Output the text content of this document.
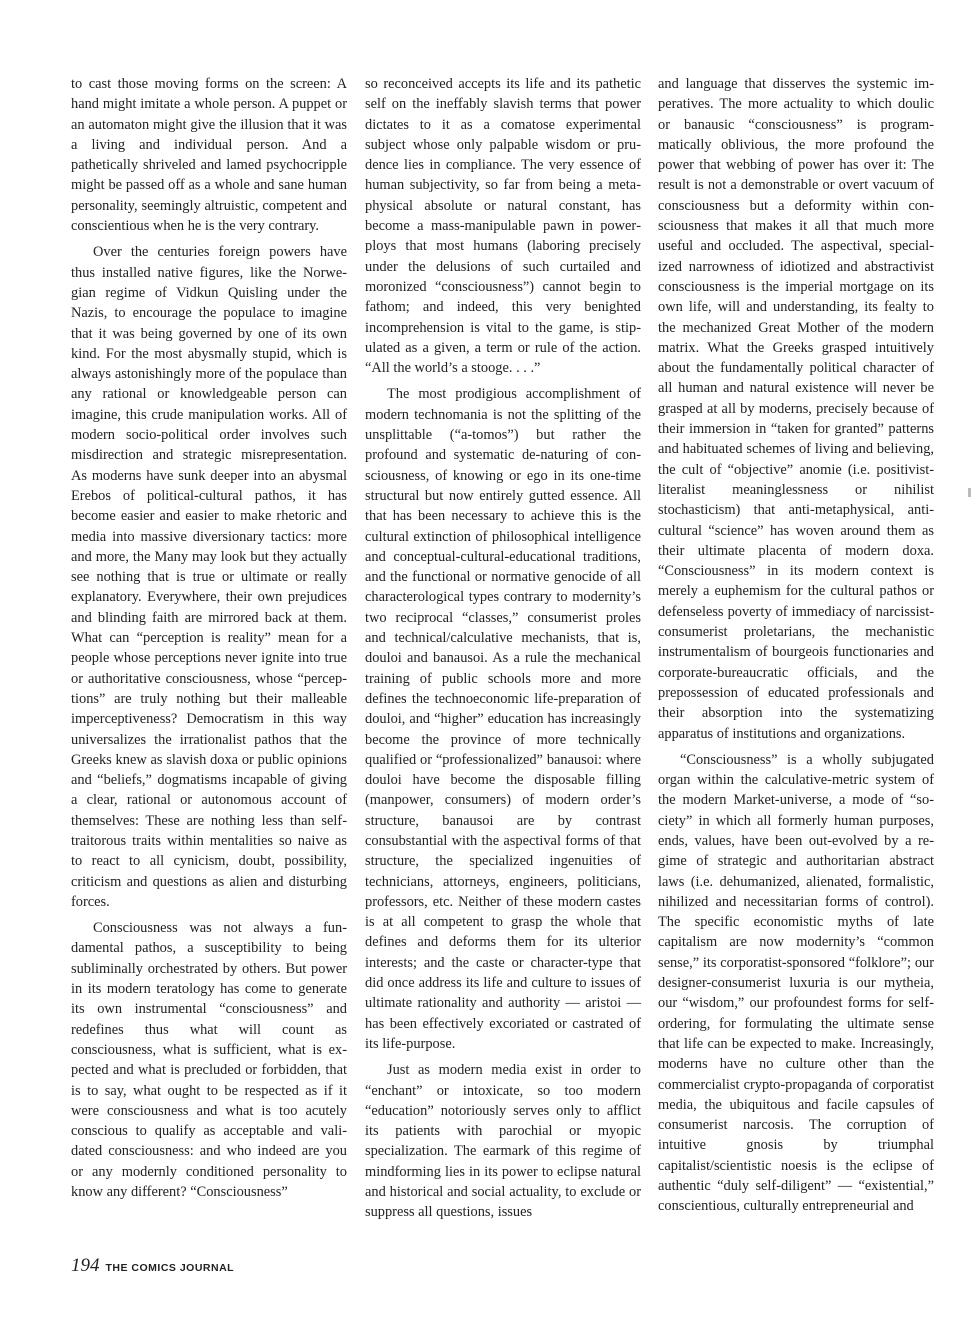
to cast those moving forms on the screen: A hand might imitate a whole person. A puppet or an automaton might give the illusion that it was a living and individual person. And a pathetically shriveled and lamed psychocripple might be passed off as a whole and sane human personality, seemingly altruistic, competent and conscientious when he is the very contrary.

Over the centuries foreign powers have thus installed native figures, like the Norwegian regime of Vidkun Quisling under the Nazis, to encourage the populace to imagine that it was being governed by one of its own kind. For the most abysmally stupid, which is always astonishingly more of the populace than any rational or knowledgeable person can imagine, this crude manipulation works. All of modern socio-political order involves such misdirection and strategic misrepresentation. As moderns have sunk deeper into an abysmal Erebos of political-cultural pathos, it has become easier and easier to make rhetoric and media into massive diversionary tactics: more and more, the Many may look but they actually see nothing that is true or ultimate or really explanatory. Everywhere, their own prejudices and blinding faith are mirrored back at them. What can “perception is reality” mean for a people whose perceptions never ignite into true or authoritative consciousness, whose “perceptions” are truly nothing but their malleable imperceptiveness? Democratism in this way universalizes the irrationalist pathos that the Greeks knew as slavish doxa or public opinions and “beliefs,” dogmatisms incapable of giving a clear, rational or autonomous account of themselves: These are nothing less than self-traitorous traits within mentalities so naive as to react to all cynicism, doubt, possibility, criticism and questions as alien and disturbing forces.

Consciousness was not always a fundamental pathos, a susceptibility to being subliminally orchestrated by others. But power in its modern teratology has come to generate its own instrumental “consciousness” and redefines thus what will count as consciousness, what is sufficient, what is expected and what is precluded or forbidden, that is to say, what ought to be respected as if it were consciousness and what is too acutely conscious to qualify as acceptable and validated consciousness: and who indeed are you or any modernly conditioned personality to know any different? “Consciousness”

so reconceived accepts its life and its pathetic self on the ineffably slavish terms that power dictates to it as a comatose experimental subject whose only palpable wisdom or prudence lies in compliance. The very essence of human subjectivity, so far from being a metaphysical absolute or natural constant, has become a mass-manipulable pawn in powerploys that most humans (laboring precisely under the delusions of such curtailed and moronized “consciousness”) cannot begin to fathom; and indeed, this very benighted incomprehension is vital to the game, is stipulated as a given, a term or rule of the action. “All the world’s a stooge. . . .”

The most prodigious accomplishment of modern technomania is not the splitting of the unsplittable (“a-tomos”) but rather the profound and systematic de-naturing of consciousness, of knowing or ego in its one-time structural but now entirely gutted essence. All that has been necessary to achieve this is the cultural extinction of philosophical intelligence and conceptual-cultural-educational traditions, and the functional or normative genocide of all characterological types contrary to modernity’s two reciprocal “classes,” consumerist proles and technical/calculative mechanists, that is, douloi and banausoi. As a rule the mechanical training of public schools more and more defines the technoeconomic life-preparation of douloi, and “higher” education has increasingly become the province of more technically qualified or “professionalized” banausoi: where douloi have become the disposable filling (manpower, consumers) of modern order’s structure, banausoi are by contrast consubstantial with the aspectival forms of that structure, the specialized ingenuities of technicians, attorneys, engineers, politicians, professors, etc. Neither of these modern castes is at all competent to grasp the whole that defines and deforms them for its ulterior interests; and the caste or character-type that did once address its life and culture to issues of ultimate rationality and authority — aristoi — has been effectively excoriated or castrated of its life-purpose.

Just as modern media exist in order to “enchant” or intoxicate, so too modern “education” notoriously serves only to afflict its patients with parochial or myopic specialization. The earmark of this regime of mindforming lies in its power to eclipse natural and historical and social actuality, to exclude or suppress all questions, issues

and language that disserves the systemic imperatives. The more actuality to which doulic or banausic “consciousness” is programmatically oblivious, the more profound the power that webbing of power has over it: The result is not a demonstrable or overt vacuum of consciousness but a deformity within consciousness that makes it all that much more useful and occluded. The aspectival, specialized narrowness of idiotized and abstractivist consciousness is the imperial mortgage on its own life, will and understanding, its fealty to the mechanized Great Mother of the modern matrix. What the Greeks grasped intuitively about the fundamentally political character of all human and natural existence will never be grasped at all by moderns, precisely because of their immersion in “taken for granted” patterns and habituated schemes of living and believing, the cult of “objective” anomie (i.e. positivist-literalist meaninglessness or nihilist stochasticism) that anti-metaphysical, anti-cultural “science” has woven around them as their ultimate placenta of modern doxa. “Consciousness” in its modern context is merely a euphemism for the cultural pathos or defenseless poverty of immediacy of narcissist-consumerist proletarians, the mechanistic instrumentalism of bourgeois functionaries and corporate-bureaucratic officials, and the prepossession of educated professionals and their absorption into the systematizing apparatus of institutions and organizations.

“Consciousness” is a wholly subjugated organ within the calculative-metric system of the modern Market-universe, a mode of “society” in which all formerly human purposes, ends, values, have been out-evolved by a regime of strategic and authoritarian abstract laws (i.e. dehumanized, alienated, formalistic, nihilized and necessitarian forms of control). The specific economistic myths of late capitalism are now modernity’s “common sense,” its corporatist-sponsored “folklore”; our designer-consumerist luxuria is our mytheia, our “wisdom,” our profoundest forms for self-ordering, for formulating the ultimate sense that life can be expected to make. Increasingly, moderns have no culture other than the commercialist crypto-propaganda of corporatist media, the ubiquitous and facile capsules of consumerist narcosis. The corruption of intuitive gnosis by triumphal capitalist/scientistic noesis is the eclipse of authentic “duly self-diligent” — “existential,” conscientious, culturally entrepreneurial and

194 THE COMICS JOURNAL
